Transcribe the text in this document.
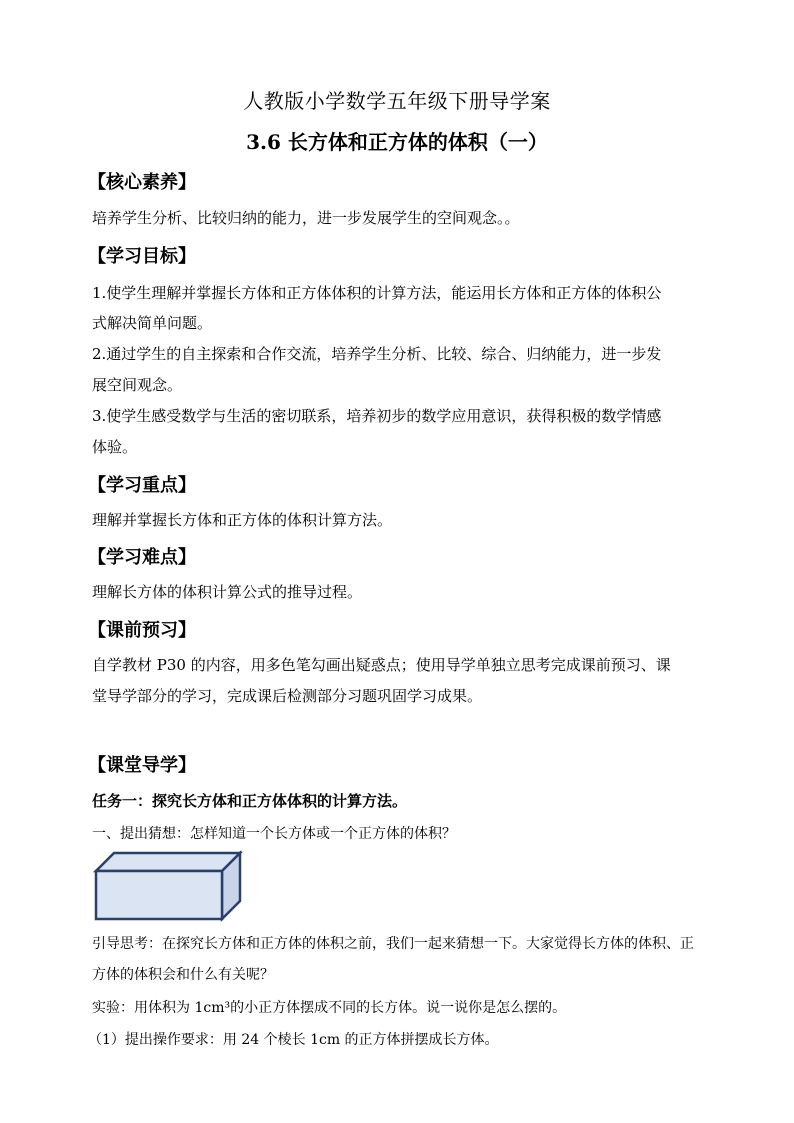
人教版小学数学五年级下册导学案
3.6 长方体和正方体的体积（一）
【核心素养】
培养学生分析、比较归纳的能力，进一步发展学生的空间观念。。
【学习目标】
1.使学生理解并掌握长方体和正方体体积的计算方法，能运用长方体和正方体的体积公
式解决简单问题。
2.通过学生的自主探索和合作交流，培养学生分析、比较、综合、归纳能力，进一步发
展空间观念。
3.使学生感受数学与生活的密切联系，培养初步的数学应用意识，获得积极的数学情感
体验。
【学习重点】
理解并掌握长方体和正方体的体积计算方法。
【学习难点】
理解长方体的体积计算公式的推导过程。
【课前预习】
自学教材 P30 的内容，用多色笔勾画出疑惑点；使用导学单独立思考完成课前预习、课
堂导学部分的学习，完成课后检测部分习题巩固学习成果。
【课堂导学】
任务一：探究长方体和正方体体积的计算方法。
一、提出猜想：怎样知道一个长方体或一个正方体的体积？
引导思考：在探究长方体和正方体的体积之前，我们一起来猜想一下。大家觉得长方体的体积、正
方体的体积会和什么有关呢？
实验：用体积为 1cm³的小正方体摆成不同的长方体。说一说你是怎么摆的。
（1）提出操作要求：用 24 个棱长 1cm 的正方体拼摆成长方体。
